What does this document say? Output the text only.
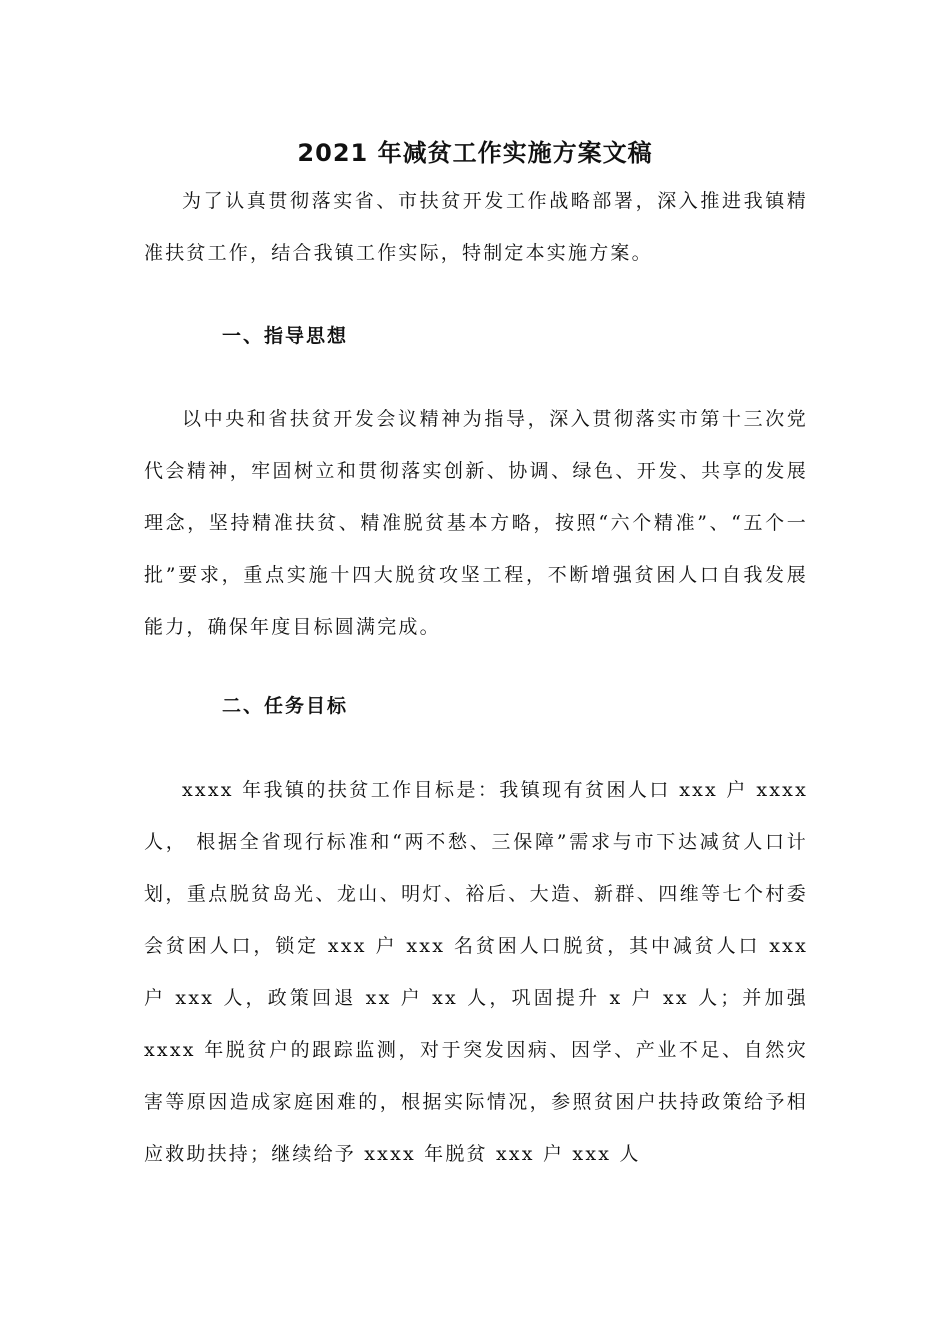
2021 年减贫工作实施方案文稿

为了认真贯彻落实省、市扶贫开发工作战略部署，深入推进我镇精准扶贫工作，结合我镇工作实际，特制定本实施方案。

一、指导思想

以中央和省扶贫开发会议精神为指导，深入贯彻落实市第十三次党代会精神，牢固树立和贯彻落实创新、协调、绿色、开发、共享的发展理念，坚持精准扶贫、精准脱贫基本方略，按照“六个精准”、“五个一批”要求，重点实施十四大脱贫攻坚工程，不断增强贫困人口自我发展能力，确保年度目标圆满完成。

二、任务目标

xxxx 年我镇的扶贫工作目标是：我镇现有贫困人口 xxx 户 xxxx 人， 根据全省现行标准和“两不愁、三保障”需求与市下达减贫人口计划，重点脱贫岛光、龙山、明灯、裕后、大造、新群、四维等七个村委会贫困人口，锁定 xxx 户 xxx 名贫困人口脱贫，其中减贫人口 xxx 户 xxx 人，政策回退 xx 户 xx 人，巩固提升 x 户 xx 人；并加强 xxxx 年脱贫户的跟踪监测，对于突发因病、因学、产业不足、自然灾害等原因造成家庭困难的，根据实际情况，参照贫困户扶持政策给予相应救助扶持；继续给予 xxxx 年脱贫 xxx 户 xxx 人
